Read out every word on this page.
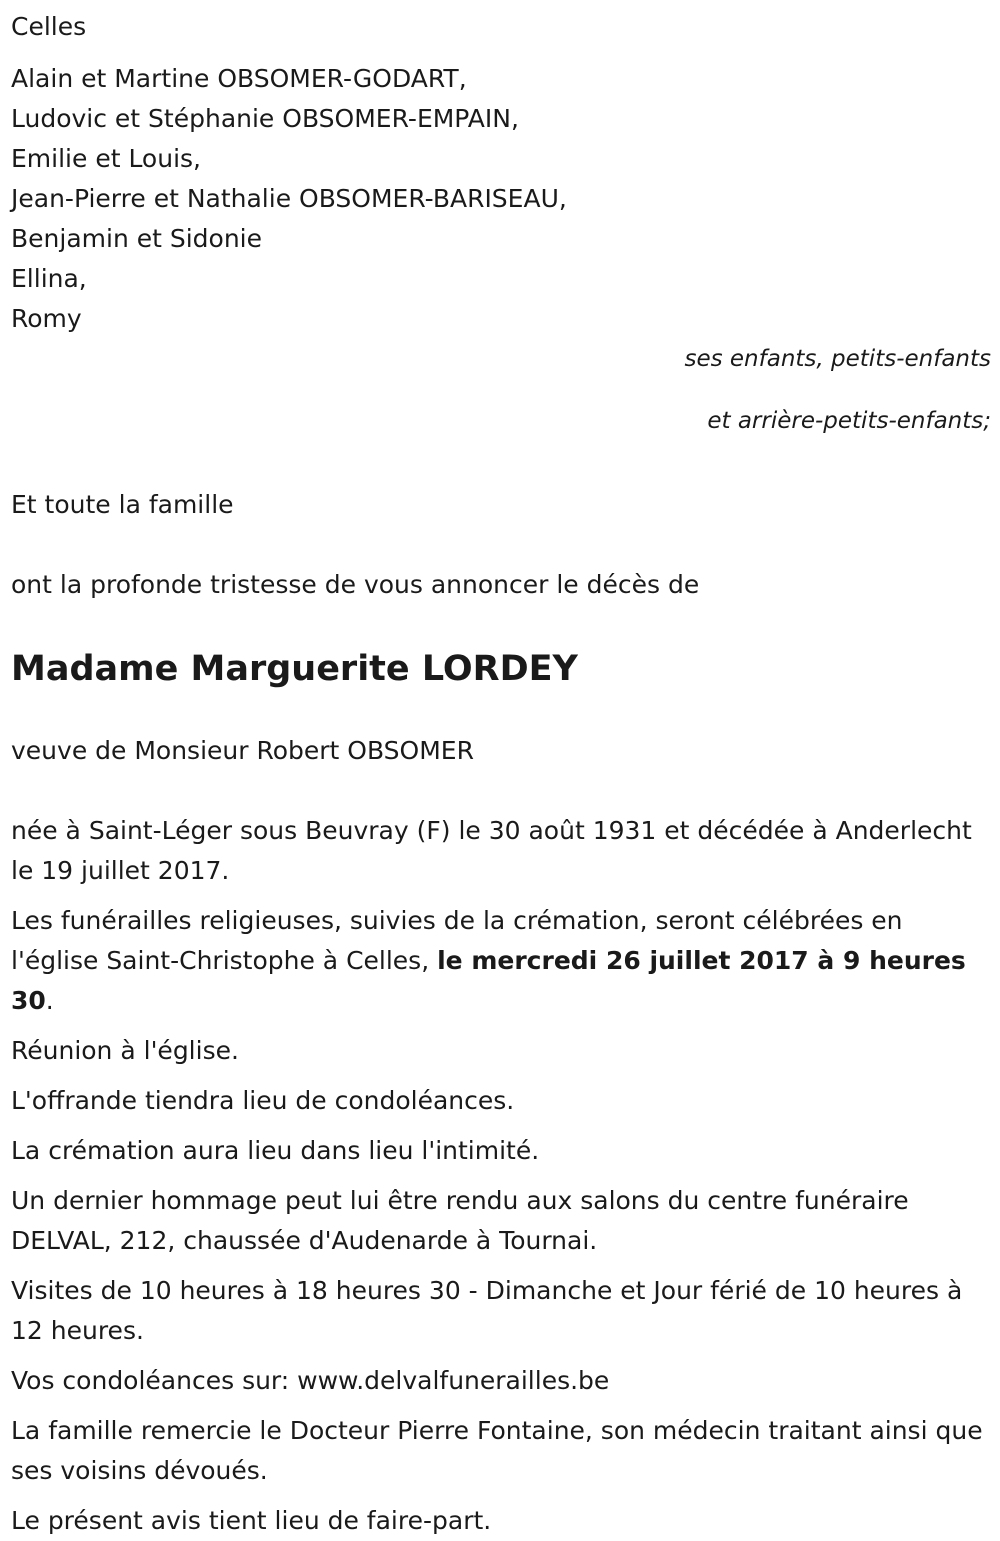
Celles
Alain et Martine OBSOMER-GODART,
Ludovic et Stéphanie OBSOMER-EMPAIN,
Emilie et Louis,
Jean-Pierre et Nathalie OBSOMER-BARISEAU,
Benjamin et Sidonie
Ellina,
Romy
ses enfants, petits-enfants
et arrière-petits-enfants;
Et toute la famille
ont la profonde tristesse de vous annoncer le décès de
Madame Marguerite LORDEY
veuve de Monsieur Robert OBSOMER
née à Saint-Léger sous Beuvray (F) le 30 août 1931 et décédée à Anderlecht le 19 juillet 2017.
Les funérailles religieuses, suivies de la crémation, seront célébrées en l'église Saint-Christophe à Celles, le mercredi 26 juillet 2017 à 9 heures 30.
Réunion à l'église.
L'offrande tiendra lieu de condoléances.
La crémation aura lieu dans lieu l'intimité.
Un dernier hommage peut lui être rendu aux salons du centre funéraire DELVAL, 212, chaussée d'Audenarde à Tournai.
Visites de 10 heures à 18 heures 30 - Dimanche et Jour férié de 10 heures à 12 heures.
Vos condoléances sur: www.delvalfunerailles.be
La famille remercie le Docteur Pierre Fontaine, son médecin traitant ainsi que ses voisins dévoués.
Le présent avis tient lieu de faire-part.
